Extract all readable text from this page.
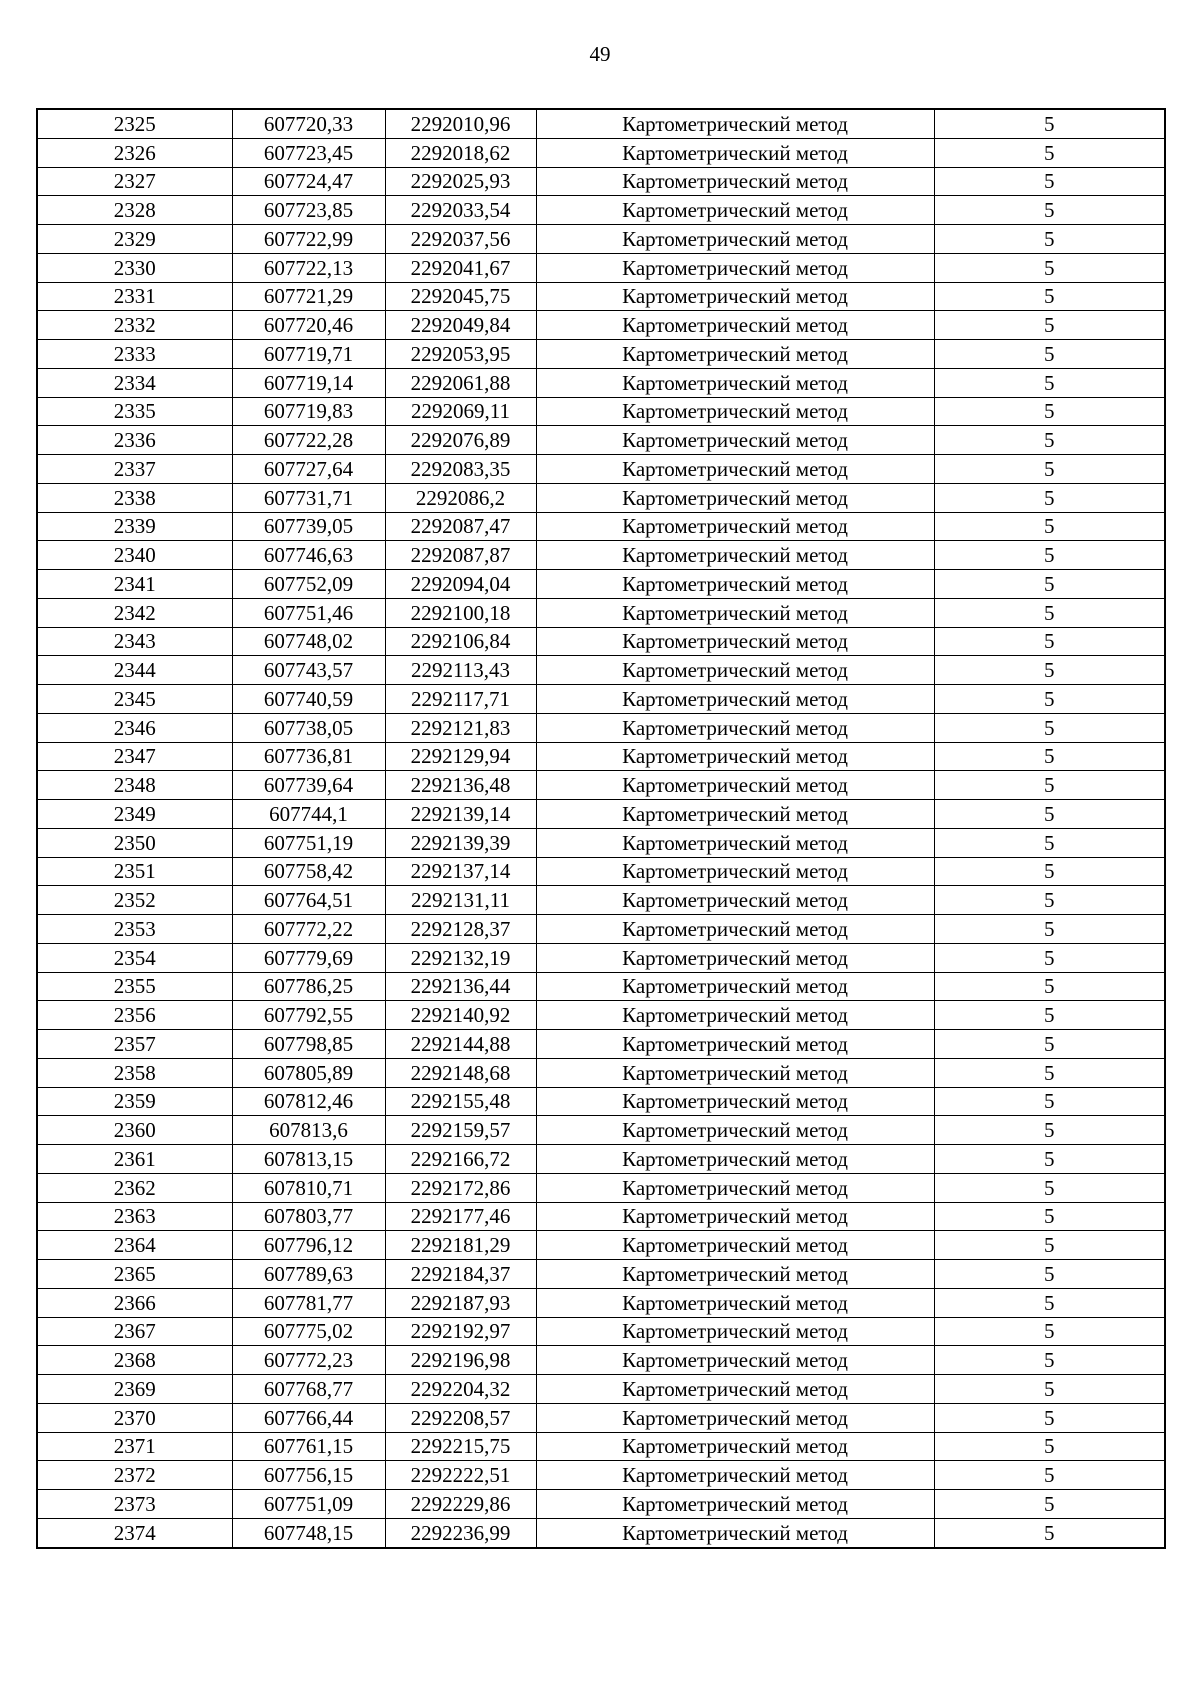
49
2325	607720,33	2292010,96	Картометрический метод	5
2326	607723,45	2292018,62	Картометрический метод	5
2327	607724,47	2292025,93	Картометрический метод	5
2328	607723,85	2292033,54	Картометрический метод	5
2329	607722,99	2292037,56	Картометрический метод	5
2330	607722,13	2292041,67	Картометрический метод	5
2331	607721,29	2292045,75	Картометрический метод	5
2332	607720,46	2292049,84	Картометрический метод	5
2333	607719,71	2292053,95	Картометрический метод	5
2334	607719,14	2292061,88	Картометрический метод	5
2335	607719,83	2292069,11	Картометрический метод	5
2336	607722,28	2292076,89	Картометрический метод	5
2337	607727,64	2292083,35	Картометрический метод	5
2338	607731,71	2292086,2	Картометрический метод	5
2339	607739,05	2292087,47	Картометрический метод	5
2340	607746,63	2292087,87	Картометрический метод	5
2341	607752,09	2292094,04	Картометрический метод	5
2342	607751,46	2292100,18	Картометрический метод	5
2343	607748,02	2292106,84	Картометрический метод	5
2344	607743,57	2292113,43	Картометрический метод	5
2345	607740,59	2292117,71	Картометрический метод	5
2346	607738,05	2292121,83	Картометрический метод	5
2347	607736,81	2292129,94	Картометрический метод	5
2348	607739,64	2292136,48	Картометрический метод	5
2349	607744,1	2292139,14	Картометрический метод	5
2350	607751,19	2292139,39	Картометрический метод	5
2351	607758,42	2292137,14	Картометрический метод	5
2352	607764,51	2292131,11	Картометрический метод	5
2353	607772,22	2292128,37	Картометрический метод	5
2354	607779,69	2292132,19	Картометрический метод	5
2355	607786,25	2292136,44	Картометрический метод	5
2356	607792,55	2292140,92	Картометрический метод	5
2357	607798,85	2292144,88	Картометрический метод	5
2358	607805,89	2292148,68	Картометрический метод	5
2359	607812,46	2292155,48	Картометрический метод	5
2360	607813,6	2292159,57	Картометрический метод	5
2361	607813,15	2292166,72	Картометрический метод	5
2362	607810,71	2292172,86	Картометрический метод	5
2363	607803,77	2292177,46	Картометрический метод	5
2364	607796,12	2292181,29	Картометрический метод	5
2365	607789,63	2292184,37	Картометрический метод	5
2366	607781,77	2292187,93	Картометрический метод	5
2367	607775,02	2292192,97	Картометрический метод	5
2368	607772,23	2292196,98	Картометрический метод	5
2369	607768,77	2292204,32	Картометрический метод	5
2370	607766,44	2292208,57	Картометрический метод	5
2371	607761,15	2292215,75	Картометрический метод	5
2372	607756,15	2292222,51	Картометрический метод	5
2373	607751,09	2292229,86	Картометрический метод	5
2374	607748,15	2292236,99	Картометрический метод	5
